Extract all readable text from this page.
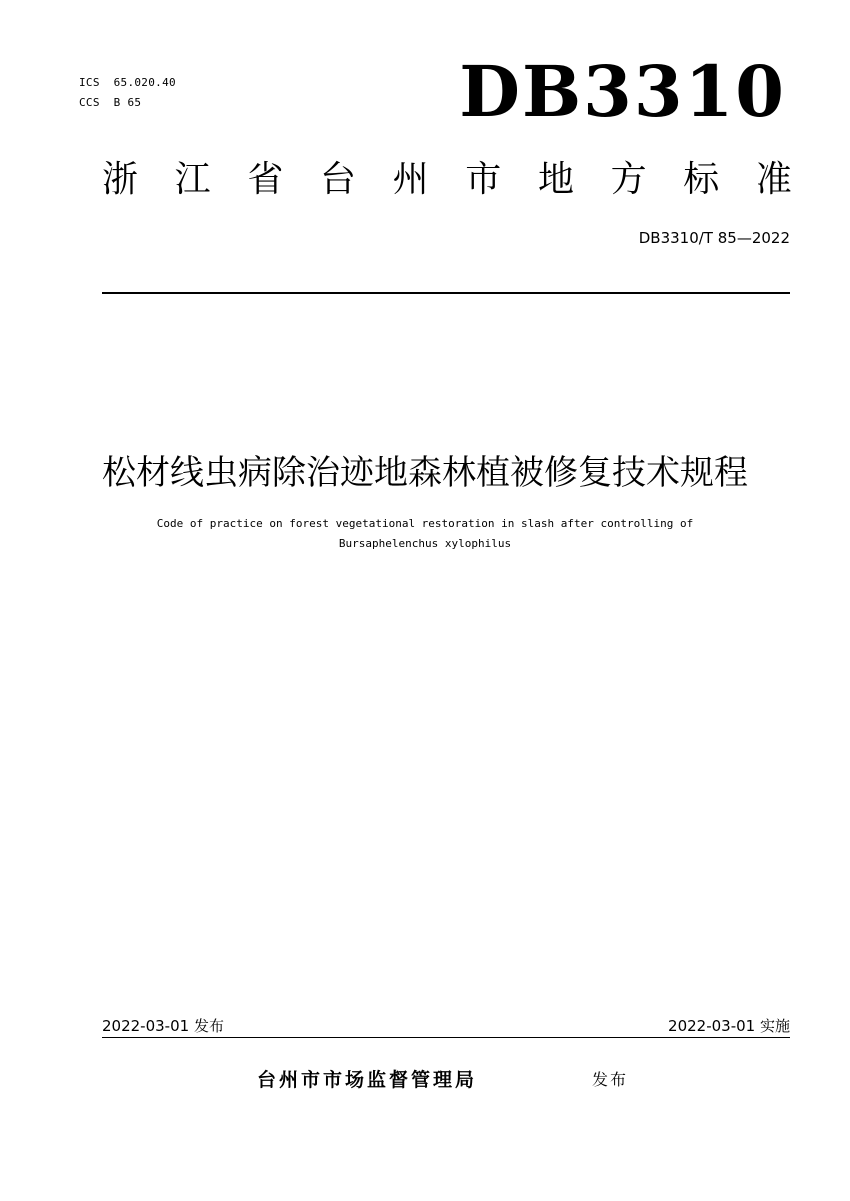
ICS  65.020.40
CCS  B 65	DB3310
浙 江 省 台 州 市 地 方 标 准
DB3310/T 85—2022
松材线虫病除治迹地森林植被修复技术规程
Code of practice on forest vegetational restoration in slash after controlling of
Bursaphelenchus xylophilus
2022-03-01 发布	2022-03-01 实施
台州市市场监督管理局	发布
